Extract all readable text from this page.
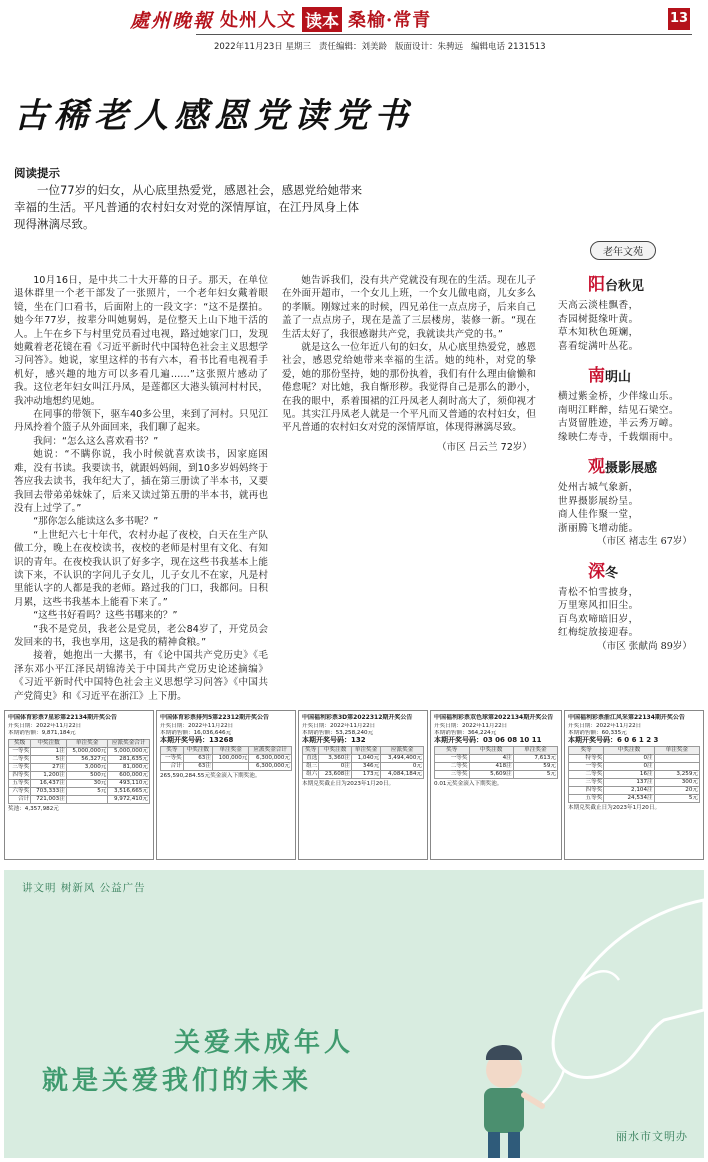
處州晚報 处州人文 读本 桑榆·常青	13
2022年11月23日 星期三 责任编辑：刘美龄 版面设计：朱骋远 编辑电话 2131513
古稀老人感恩党读党书
阅读提示
一位77岁的妇女，从心底里热爱党，感恩社会，感恩党给她带来幸福的生活。平凡普通的农村妇女对党的深情厚谊，在江丹凤身上体现得淋漓尽致。

10月16日，是中共二十大开幕的日子。那天，在单位退休群里一个老干部发了一张照片，一个老年妇女戴着眼镜，坐在门口看书，后面附上的一段文字：“这不是摆拍。她今年77岁，按辈分叫她舅妈，是位整天上山下地干活的人。上午在乡下与村里党员看过电视，路过她家门口，发现她戴着老花镜在看《习近平新时代中国特色社会主义思想学习问答》。她说，家里这样的书有六本，看书比看电视看手机好，感兴趣的地方可以多看几遍……”这张照片感动了我。这位老年妇女叫江丹凤，是莲都区大港头镇河村村民，我冲动地想约见她。

在同事的带领下，驱车40多公里，来到了河村。只见江丹凤拎着个篮子从外面回来，我们聊了起来。

我问：“怎么这么喜欢看书？”

她说：“不瞒你说，我小时候就喜欢读书，因家庭困难，没有书读。我要读书，就跟妈妈闹，到10多岁妈妈终于答应我去读书，我年纪大了，插在第三册读了半本书，又要我回去带弟弟妹妹了，后来又读过第五册的半本书，就再也没有上过学了。”

“那你怎么能读这么多书呢？”

“上世纪六七十年代，农村办起了夜校，白天在生产队做工分，晚上在夜校读书，夜校的老师是村里有文化、有知识的青年。在夜校我认识了好多字，现在这些书我基本上能读下来，不认识的字问儿子女儿，儿子女儿不在家，凡是村里能认字的人都是我的老师。路过我的门口，我都问。日积月累，这些书我基本上能看下来了。”

“这些书好看吗？这些书哪来的？”

“我不是党员，我老公是党员，老公84岁了，开党员会发回来的书，我也享用，这是我的精神食粮。”

接着，她抱出一大摞书，有《论中国共产党历史》《毛泽东邓小平江泽民胡锦涛关于中国共产党历史论述摘编》《习近平新时代中国特色社会主义思想学习问答》《中国共产党简史》和《习近平在浙江》上下册。

她告诉我们，没有共产党就没有现在的生活。现在儿子在外面开超市，一个女儿上班，一个女儿做电商，儿女多么的孝顺。刚嫁过来的时候，四兄弟住一点点房子，后来自己盖了一点点房子，现在是盖了三层楼房，装修一新。“现在生活太好了，我很感谢共产党，我就读共产党的书。”

就是这么一位年近八旬的妇女，从心底里热爱党，感恩社会，感恩党给她带来幸福的生活。她的纯朴，对党的挚爱，她的那份坚持，她的那份执着，我们有什么理由偷懒和倦怠呢？对比她，我自惭形秽。我觉得自己是那么的渺小，在我的眼中，系着围裙的江丹凤老人刹时高大了，须仰视才见。其实江丹凤老人就是一个平凡而又普通的农村妇女，但平凡普通的农村妇女对党的深情厚谊，体现得淋漓尽致。

（市区 吕云兰 72岁）

老年文苑
阳台秋见
天高云淡桂飘香，
杏园树挺缘叶黄。
草木知秋色斑斓，
喜看绽满叶丛花。
南明山
横过紫金桥，少伴缘山乐。
南明江畔醉，结见石梁空。
古贤留胜迹，半云秀万嶂。
缘映仁寿寺，千载烟雨中。
观摄影展感
处州古城气象新，
世界摄影展纷呈。
商人佳作聚一堂，
浙丽腾飞增动能。
（市区 褚志生 67岁）
深冬
青松不怕雪披身，
万里寒风扣旧尘。
百鸟欢啼暗旧岁，
红梅绽放接迎春。
（市区 张献尚 89岁）
中国体育彩票7星彩第22134期开奖公告
开奖日期：2022年11月22日
本期销售额：9,871,184元
奖级	中奖注数	单注奖金	应派奖金合计
一等奖	1注	5,000,000元	5,000,000元
二等奖	5注	56,327元	281,635元
三等奖	27注	3,000元	81,000元
四等奖	1,200注	500元	600,000元
五等奖	16,437注	30元	493,110元
六等奖	703,333注	5元	3,516,665元
合计	721,003注		9,972,410元
奖池：4,357,982元
中国体育彩票排列5第22312期开奖公告
开奖日期：2022年11月22日
本期销售额：16,036,646元
本期开奖号码：13268
奖等	中奖注数	单注奖金	应派奖金合计
一等奖	63注	100,000元	6,300,000元
合计	63注		6,300,000元
265,590,284.55元奖金滚入下期奖池。
中国福利彩票3D第2022312期开奖公告
开奖日期：2022年11月22日
本期销售额：53,258,240元
本期开奖号码：132
奖等	中奖注数	单注奖金	应派奖金
直选	3,360注	1,040元	3,494,400元
组三	0注	346元	0元
组六	23,608注	173元	4,084,184元
本期兑奖截止日为2023年1月20日。
中国福利彩票双色球第2022134期开奖公告
开奖日期：2022年11月22日
本期销售额：364,224元
本期开奖号码：03 06 08 10 11
奖等	中奖注数	单注奖金
一等奖	4注	7,613元
二等奖	418注	59元
三等奖	5,609注	5元
0.01元奖金滚入下期奖池。
中国福利彩票浙江风采第22134期开奖公告
开奖日期：2022年11月22日
本期销售额：60,335元
本期开奖号码：6 0 6 1 2 3
奖等	中奖注数	单注奖金
特等奖	0注	
一等奖	0注	
二等奖	16注	3,259元
三等奖	137注	300元
四等奖	2,104注	20元
五等奖	24,534注	5元
本期兑奖截止日为2023年1月20日。
讲文明 树新风 公益广告
关爱未成年人
就是关爱我们的未来
丽水市文明办
